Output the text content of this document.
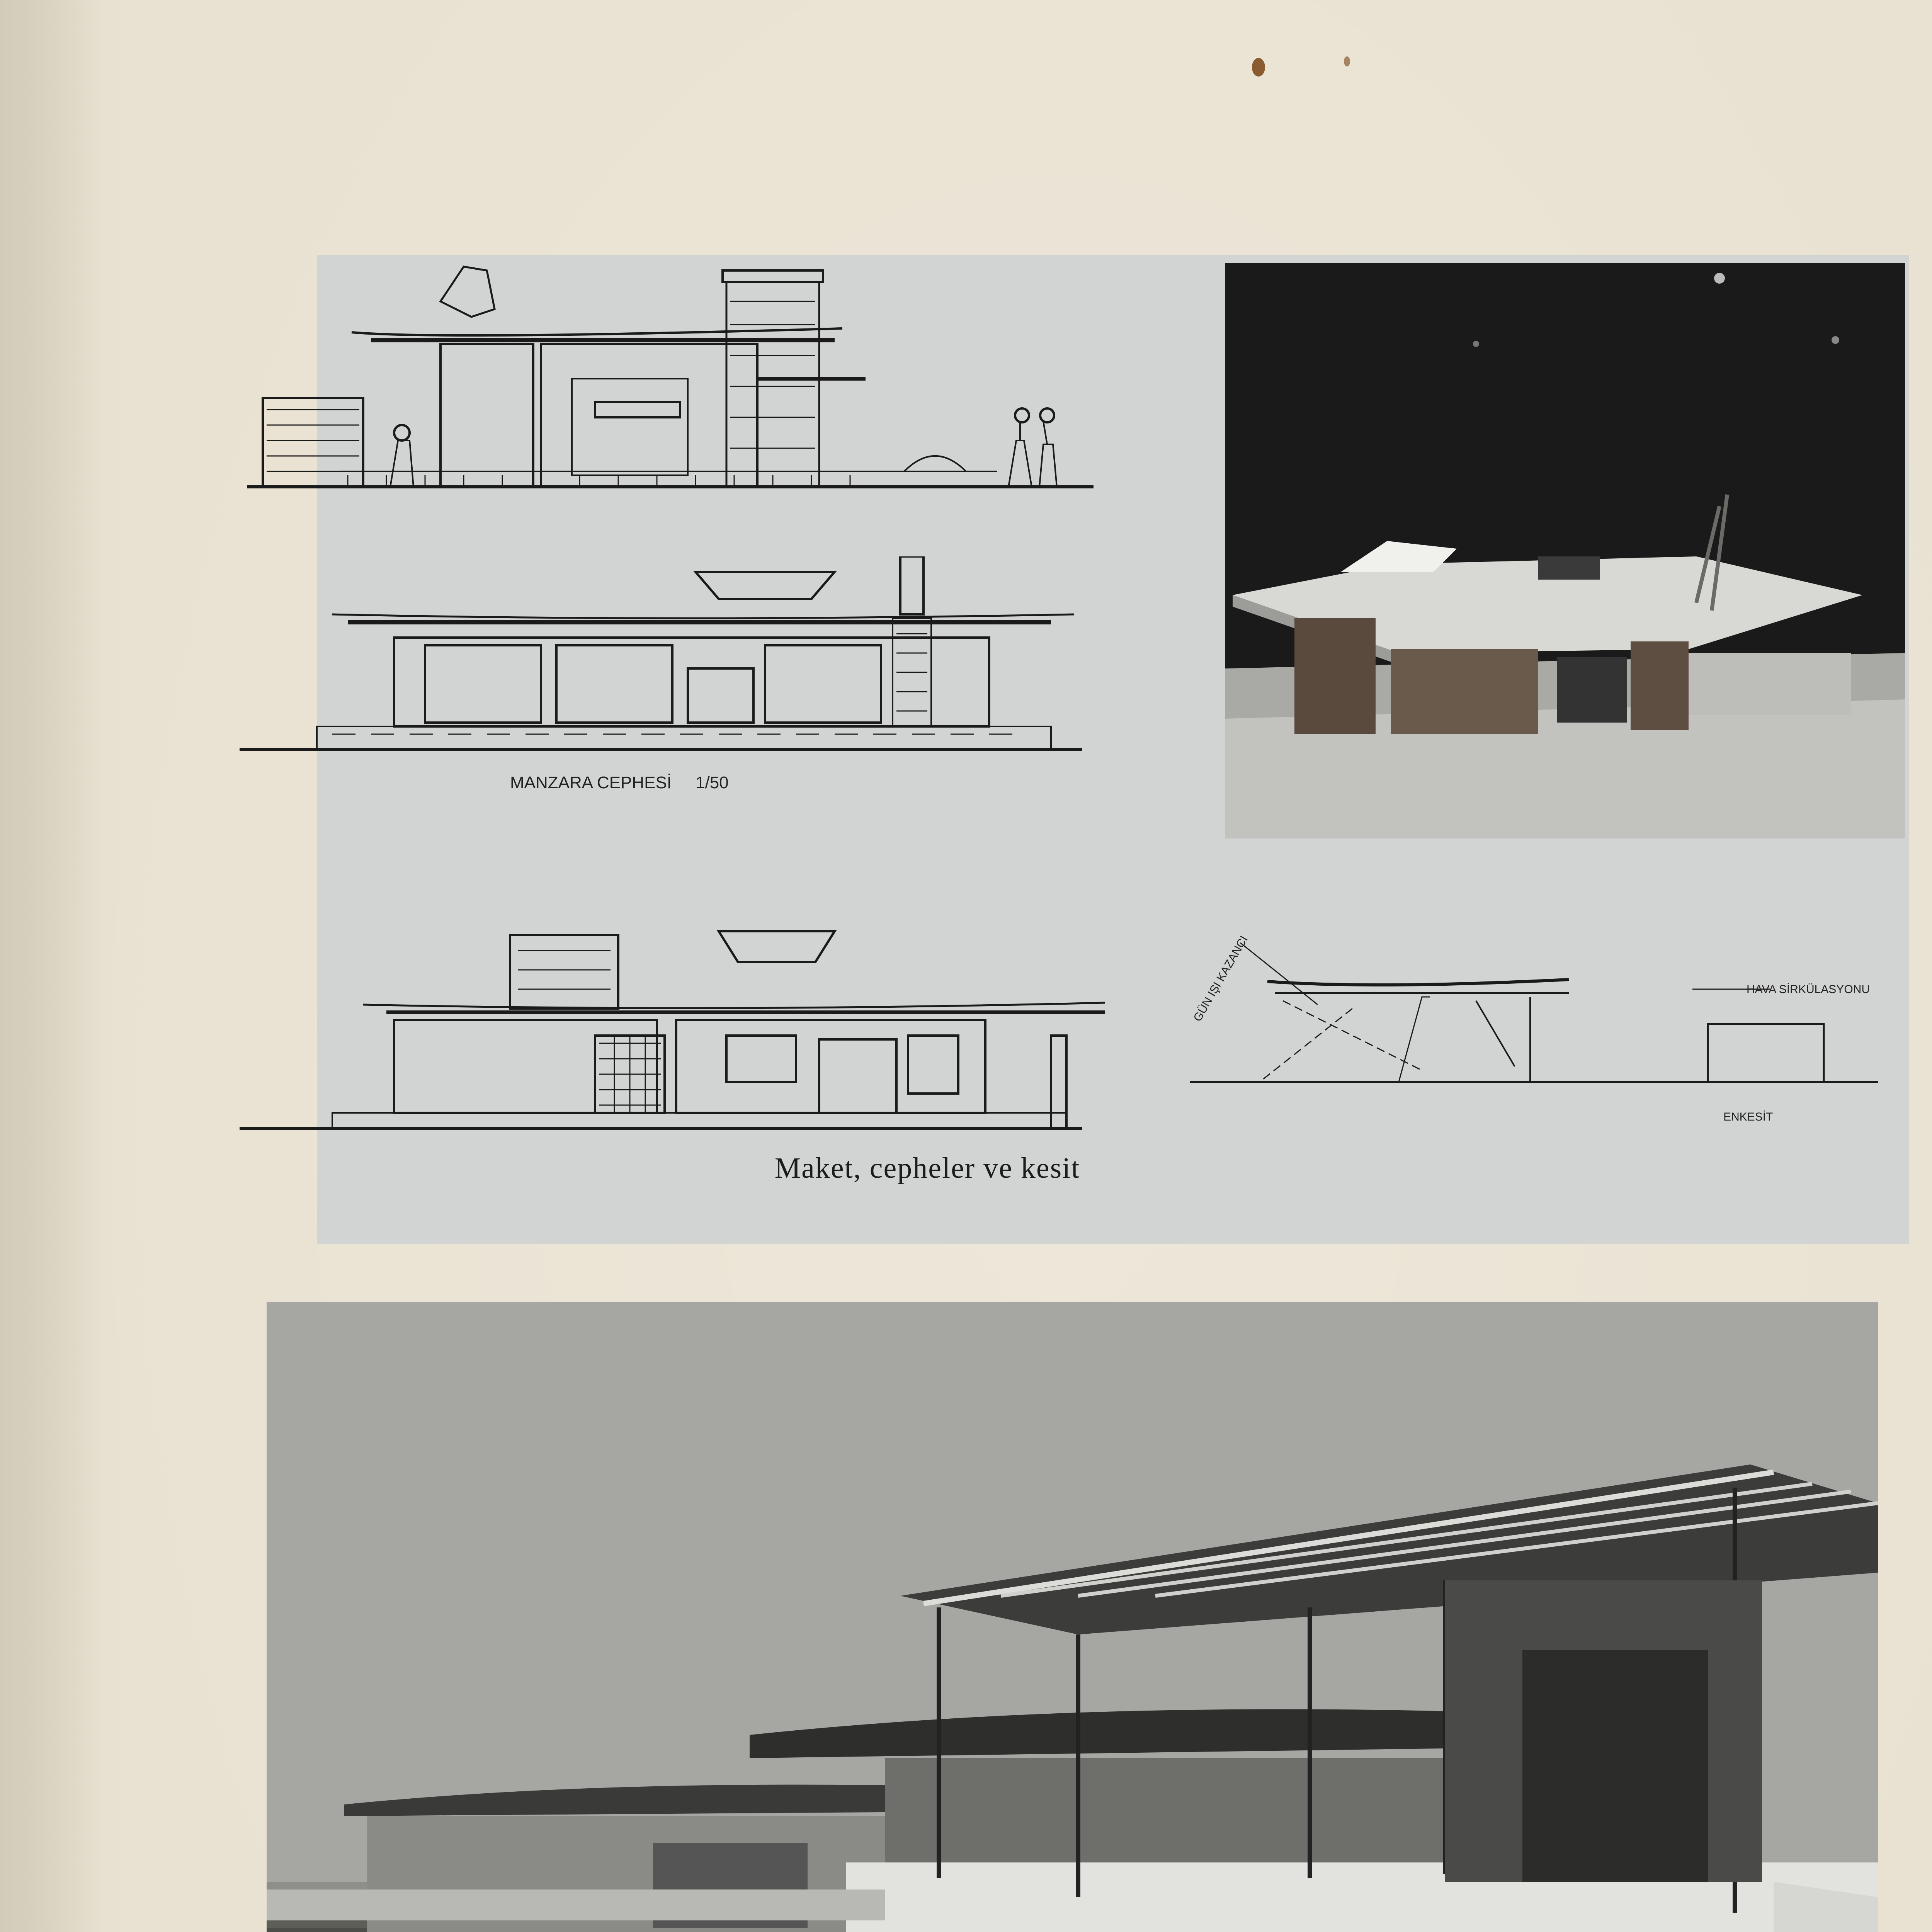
MANZARA CEPHESİ 1/50
GÜN IŞI KAZANCI	HAVA SİRKÜLASYONU
ENKESİT
Maket, cepheler ve kesit
